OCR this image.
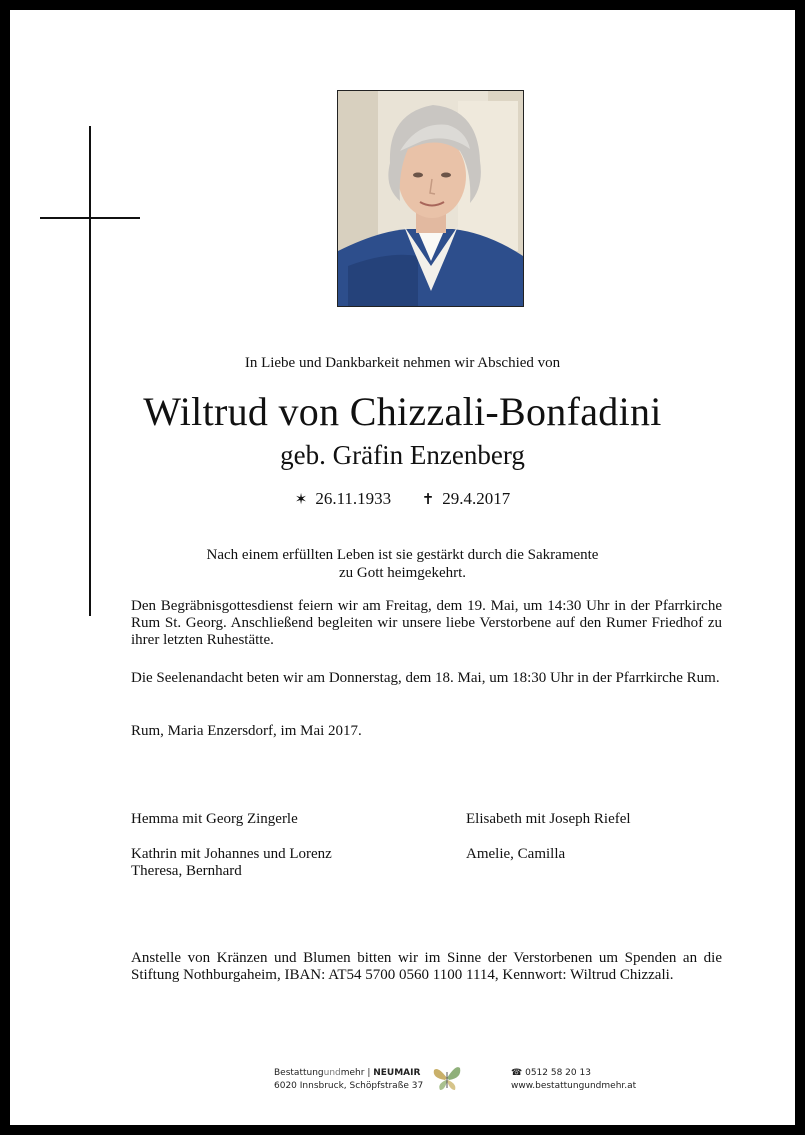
In Liebe und Dankbarkeit nehmen wir Abschied von
Wiltrud von Chizzali-Bonfadini
geb. Gräfin Enzenberg
✶ 26.11.1933 ✝ 29.4.2017
Nach einem erfüllten Leben ist sie gestärkt durch die Sakramente
zu Gott heimgekehrt.
Den Begräbnisgottesdienst feiern wir am Freitag, dem 19. Mai, um 14:30 Uhr in der Pfarrkirche Rum St. Georg. Anschließend begleiten wir unsere liebe Verstorbene auf den Rumer Friedhof zu ihrer letzten Ruhestätte.
Die Seelenandacht beten wir am Donnerstag, dem 18. Mai, um 18:30 Uhr in der Pfarrkirche Rum.
Rum, Maria Enzersdorf, im Mai 2017.
Hemma mit Georg Zingerle	Elisabeth mit Joseph Riefel
Kathrin mit Johannes und Lorenz
Theresa, Bernhard
Amelie, Camilla
Anstelle von Kränzen und Blumen bitten wir im Sinne der Verstorbenen um Spenden an die Stiftung Nothburgaheim, IBAN: AT54 5700 0560 1100 1114, Kennwort: Wiltrud Chizzali.
Bestattungundmehr | NEUMAIR
6020 Innsbruck, Schöpfstraße 37
☎ 0512 58 20 13
www.bestattungundmehr.at
